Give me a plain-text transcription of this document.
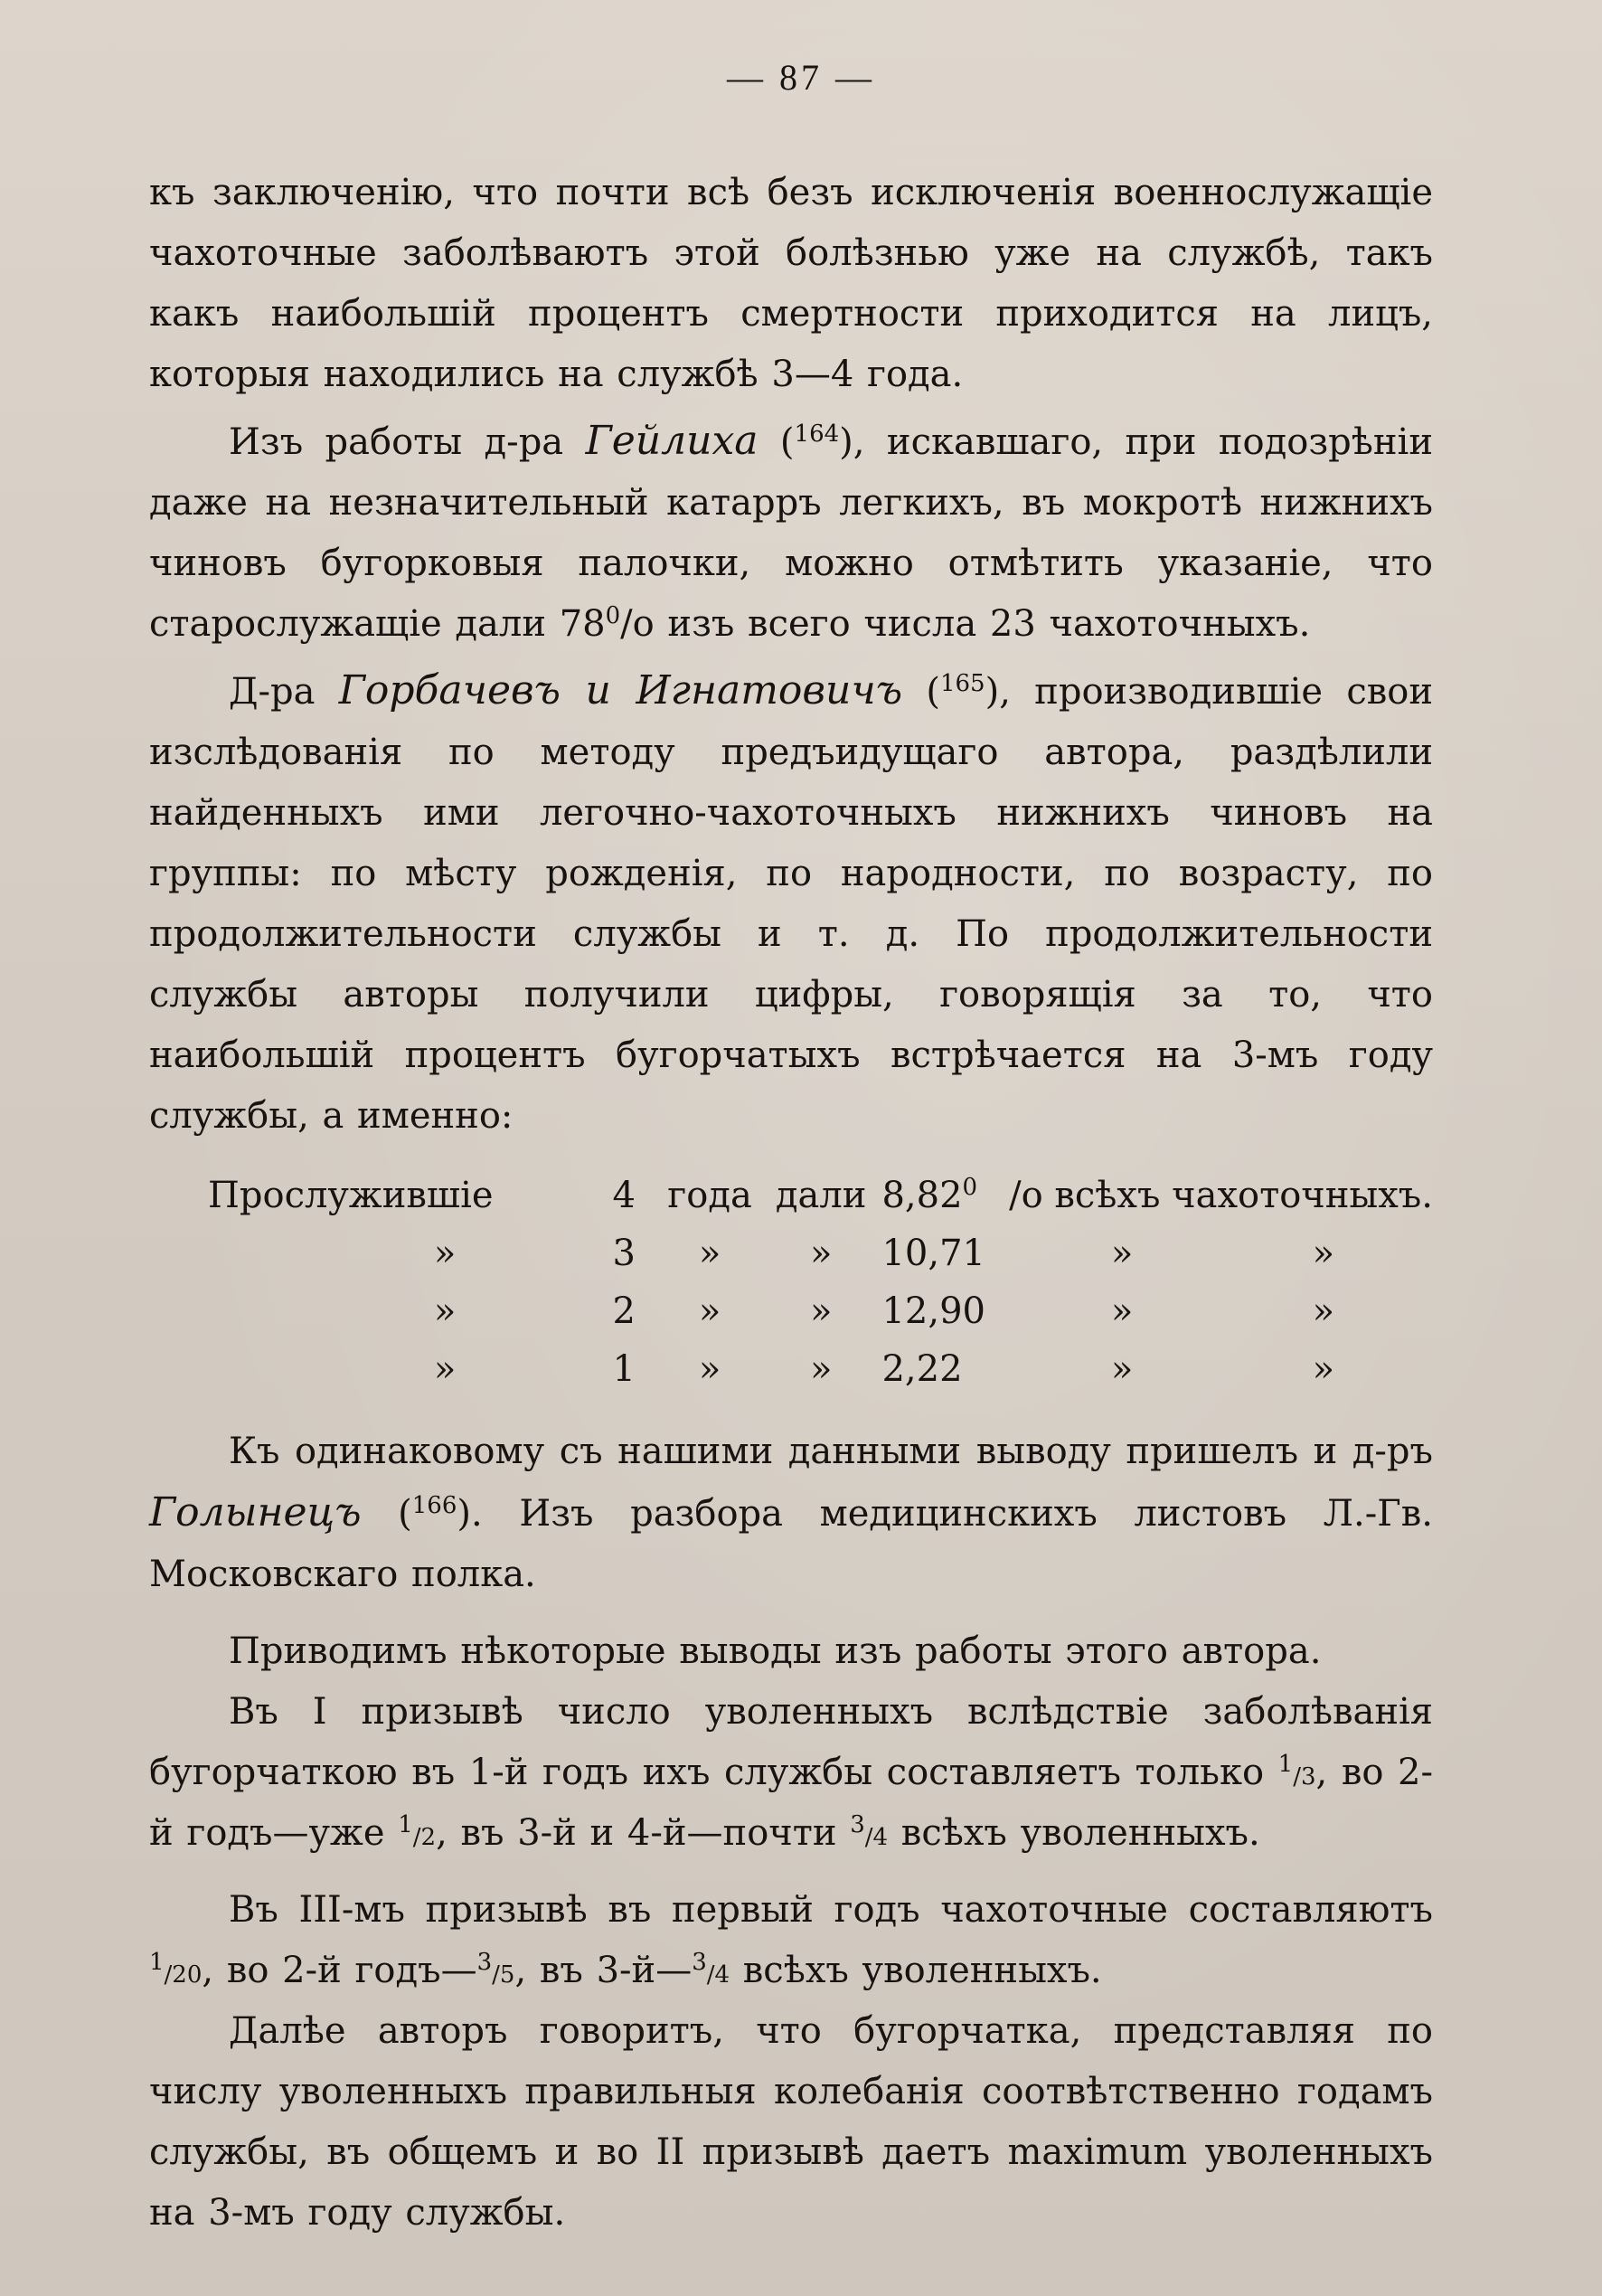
— 87 —

къ заключенію, что почти всѣ безъ исключенія военнослужащіе чахоточные заболѣваютъ этой болѣзнью уже на службѣ, такъ какъ наибольшій процентъ смертности приходится на лицъ, которыя находились на службѣ 3—4 года.

Изъ работы д-ра Гейлиха ($^{164}$), искавшаго, при подозрѣніи даже на незначительный катарръ легкихъ, въ мокротѣ нижнихъ чиновъ бугорковыя палочки, можно отмѣтить указаніе, что старослужащіе дали $78^0/o$ изъ всего числа 23 чахоточныхъ.

Д-ра Горбачевъ и Игнатовичъ ($^{165}$), производившіе свои изслѣдованія по методу предъидущаго автора, раздѣлили найденныхъ ими легочно-чахоточныхъ нижнихъ чиновъ на группы: по мѣсту рожденія, по народности, по возрасту, по продолжительности службы и т. д. По продолжительности службы авторы получили цифры, говорящія за то, что наибольшій процентъ бугорчатыхъ встрѣчается на 3-мъ году службы, а именно:

Прослужившіе	4	года	дали	8,82$^0$	/o всѣхъ чахоточныхъ.
»	3	»	»	10,71	» »
»	2	»	»	12,90	» »
»	1	»	»	2,22	» »

Къ одинаковому съ нашими данными выводу пришелъ и д-ръ Голынецъ ($^{166}$). Изъ разбора медицинскихъ листовъ Л.-Гв. Московскаго полка.

Приводимъ нѣкоторые выводы изъ работы этого автора.

Въ I призывѣ число уволенныхъ вслѣдствіе заболѣванія бугорчаткою въ 1-й годъ ихъ службы составляетъ только $^1$/3, во 2-й годъ—уже $^1$/2, въ 3-й и 4-й—почти $^3$/4 всѣхъ уволенныхъ.

Въ III-мъ призывѣ въ первый годъ чахоточные составляютъ $^1$/20, во 2-й годъ—$^3$/5, въ 3-й—$^3$/4 всѣхъ уволенныхъ.

Далѣе авторъ говоритъ, что бугорчатка, представляя по числу уволенныхъ правильныя колебанія соотвѣтственно годамъ службы, въ общемъ и во II призывѣ даетъ maximum уволенныхъ на 3-мъ году службы.
